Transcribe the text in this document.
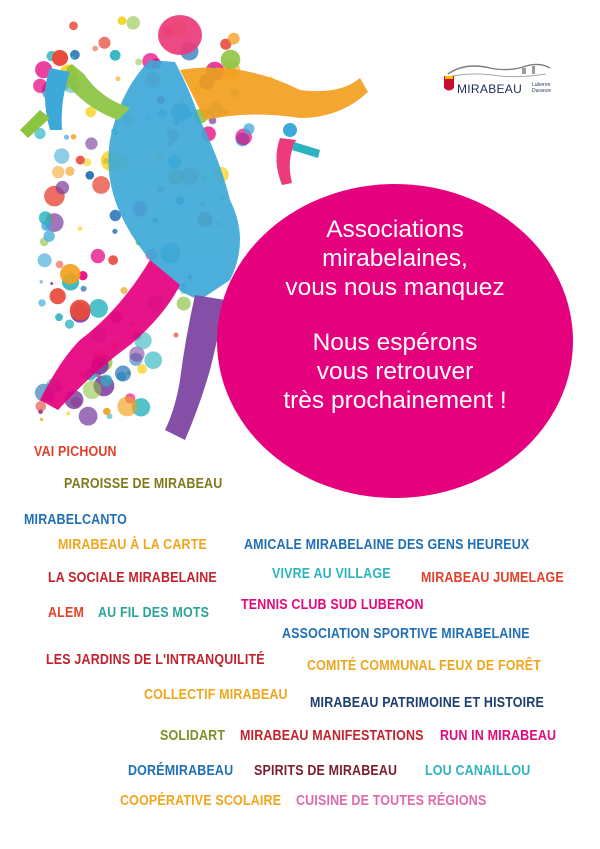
MIRABEAU Luberon
Durance
Associations
mirabelaines,
vous nous manquez
Nous espérons
vous retrouver
très prochainement !
VAI PICHOUN
PAROISSE DE MIRABEAU
MIRABELCANTO
MIRABEAU À LA CARTE	AMICALE MIRABELAINE DES GENS HEUREUX
LA SOCIALE MIRABELAINE	VIVRE AU VILLAGE MIRABEAU JUMELAGE
ALEM AU FIL DES MOTS TENNIS CLUB SUD LUBERON
ASSOCIATION SPORTIVE MIRABELAINE
LES JARDINS DE L'INTRANQUILITÉ	COMITÉ COMMUNAL FEUX DE FORÊT
COLLECTIF MIRABEAU MIRABEAU PATRIMOINE ET HISTOIRE
SOLIDART MIRABEAU MANIFESTATIONS RUN IN MIRABEAU
DORÉMIRABEAU SPIRITS DE MIRABEAU LOU CANAILLOU
COOPÉRATIVE SCOLAIRE CUISINE DE TOUTES RÉGIONS
